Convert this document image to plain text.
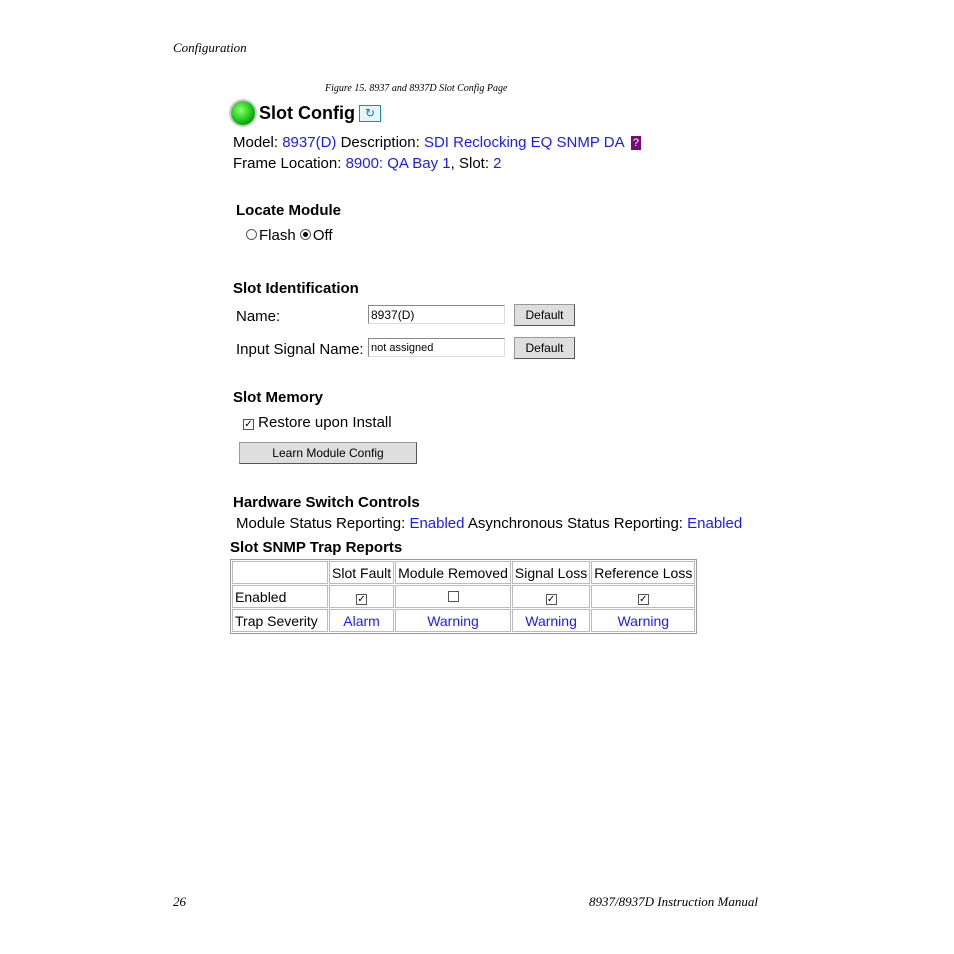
Configuration
Figure 15. 8937 and 8937D Slot Config Page
Slot Config ↻
Model: 8937(D) Description: SDI Reclocking EQ SNMP DA ?
Frame Location: 8900: QA Bay 1, Slot: 2
Locate Module
Flash Off
Slot Identification
Name:
8937(D)	Default
Input Signal Name:
not assigned	Default
Slot Memory
✓ Restore upon Install
Learn Module Config
Hardware Switch Controls
Module Status Reporting: Enabled Asynchronous Status Reporting: Enabled
Slot SNMP Trap Reports
	Slot Fault	Module Removed	Signal Loss	Reference Loss
Enabled	✓		✓	✓
Trap Severity	Alarm	Warning	Warning	Warning
26	8937/8937D Instruction Manual
